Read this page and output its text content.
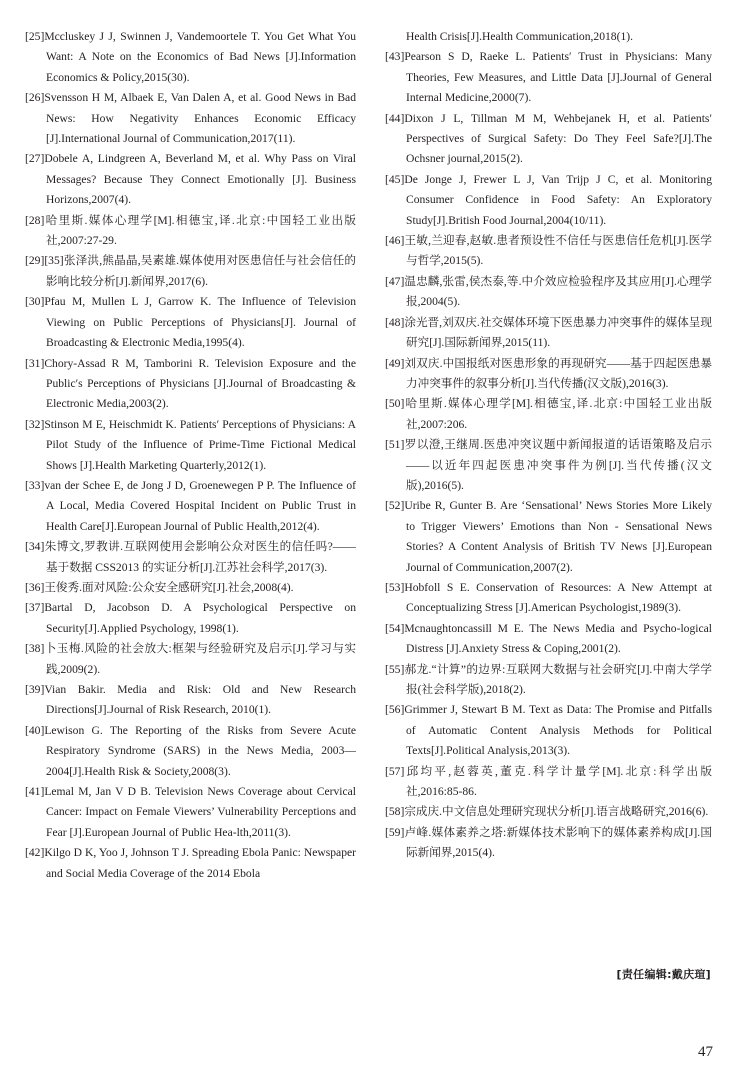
[25]Mccluskey J J, Swinnen J, Vandemoortele T. You Get What You Want: A Note on the Economics of Bad News [J].Information Economics & Policy,2015(30).

[26]Svensson H M, Albaek E, Van Dalen A, et al. Good News in Bad News: How Negativity Enhances Economic Efficacy [J].International Journal of Communication,2017(11).

[27]Dobele A, Lindgreen A, Beverland M, et al. Why Pass on Viral Messages? Because They Connect Emotionally [J]. Business Horizons,2007(4).

[28]哈里斯.媒体心理学[M].相德宝,译.北京:中国轻工业出版社,2007:27-29.

[29][35]张泽洪,熊晶晶,吴素雄.媒体使用对医患信任与社会信任的影响比较分析[J].新闻界,2017(6).

[30]Pfau M, Mullen L J, Garrow K. The Influence of Television Viewing on Public Perceptions of Physicians[J]. Journal of Broadcasting & Electronic Media,1995(4).

[31]Chory-Assad R M, Tamborini R. Television Exposure and the Public′s Perceptions of Physicians [J].Journal of Broadcasting & Electronic Media,2003(2).

[32]Stinson M E, Heischmidt K. Patients′ Perceptions of Physicians: A Pilot Study of the Influence of Prime-Time Fictional Medical Shows [J].Health Marketing Quarterly,2012(1).

[33]van der Schee E, de Jong J D, Groenewegen P P. The Influence of A Local, Media Covered Hospital Incident on Public Trust in Health Care[J].European Journal of Public Health,2012(4).

[34]朱博文,罗教讲.互联网使用会影响公众对医生的信任吗?——基于数据 CSS2013 的实证分析[J].江苏社会科学,2017(3).

[36]王俊秀.面对风险:公众安全感研究[J].社会,2008(4).

[37]Bartal D, Jacobson D. A Psychological Perspective on Security[J].Applied Psychology, 1998(1).

[38]卜玉梅.风险的社会放大:框架与经验研究及启示[J].学习与实践,2009(2).

[39]Vian Bakir. Media and Risk: Old and New Research Directions[J].Journal of Risk Research, 2010(1).

[40]Lewison G. The Reporting of the Risks from Severe Acute Respiratory Syndrome (SARS) in the News Media, 2003—2004[J].Health Risk & Society,2008(3).

[41]Lemal M, Jan V D B. Television News Coverage about Cervical Cancer: Impact on Female Viewers’ Vulnerability Perceptions and Fear [J].European Journal of Public Hea-lth,2011(3).

[42]Kilgo D K, Yoo J, Johnson T J. Spreading Ebola Panic: Newspaper and Social Media Coverage of the 2014 Ebola

Health Crisis[J].Health Communication,2018(1).

[43]Pearson S D, Raeke L. Patients′ Trust in Physicians: Many Theories, Few Measures, and Little Data [J].Journal of General Internal Medicine,2000(7).

[44]Dixon J L, Tillman M M, Wehbejanek H, et al. Patients′ Perspectives of Surgical Safety: Do They Feel Safe?[J].The Ochsner journal,2015(2).

[45]De Jonge J, Frewer L J, Van Trijp J C, et al. Monitoring Consumer Confidence in Food Safety: An Exploratory Study[J].British Food Journal,2004(10/11).

[46]王敏,兰迎春,赵敏.患者预设性不信任与医患信任危机[J].医学与哲学,2015(5).

[47]温忠麟,张雷,侯杰泰,等.中介效应检验程序及其应用[J].心理学报,2004(5).

[48]涂光晋,刘双庆.社交媒体环境下医患暴力冲突事件的媒体呈现研究[J].国际新闻界,2015(11).

[49]刘双庆.中国报纸对医患形象的再现研究——基于四起医患暴力冲突事件的叙事分析[J].当代传播(汉文版),2016(3).

[50]哈里斯.媒体心理学[M].相德宝,译.北京:中国轻工业出版社,2007:206.

[51]罗以澄,王继周.医患冲突议题中新闻报道的话语策略及启示——以近年四起医患冲突事件为例[J].当代传播(汉文版),2016(5).

[52]Uribe R, Gunter B. Are ‘Sensational’ News Stories More Likely to Trigger Viewers’ Emotions than Non - Sensational News Stories? A Content Analysis of British TV News [J].European Journal of Communication,2007(2).

[53]Hobfoll S E. Conservation of Resources: A New Attempt at Conceptualizing Stress [J].American Psychologist,1989(3).

[54]Mcnaughtoncassill M E. The News Media and Psycho-logical Distress [J].Anxiety Stress & Coping,2001(2).

[55]郝龙.“计算”的边界:互联网大数据与社会研究[J].中南大学学报(社会科学版),2018(2).

[56]Grimmer J, Stewart B M. Text as Data: The Promise and Pitfalls of Automatic Content Analysis Methods for Political Texts[J].Political Analysis,2013(3).

[57]邱均平,赵蓉英,董克.科学计量学[M].北京:科学出版社,2016:85-86.

[58]宗成庆.中文信息处理研究现状分析[J].语言战略研究,2016(6).

[59]卢峰.媒体素养之塔:新媒体技术影响下的媒体素养构成[J].国际新闻界,2015(4).

[责任编辑:戴庆瑄]
47
